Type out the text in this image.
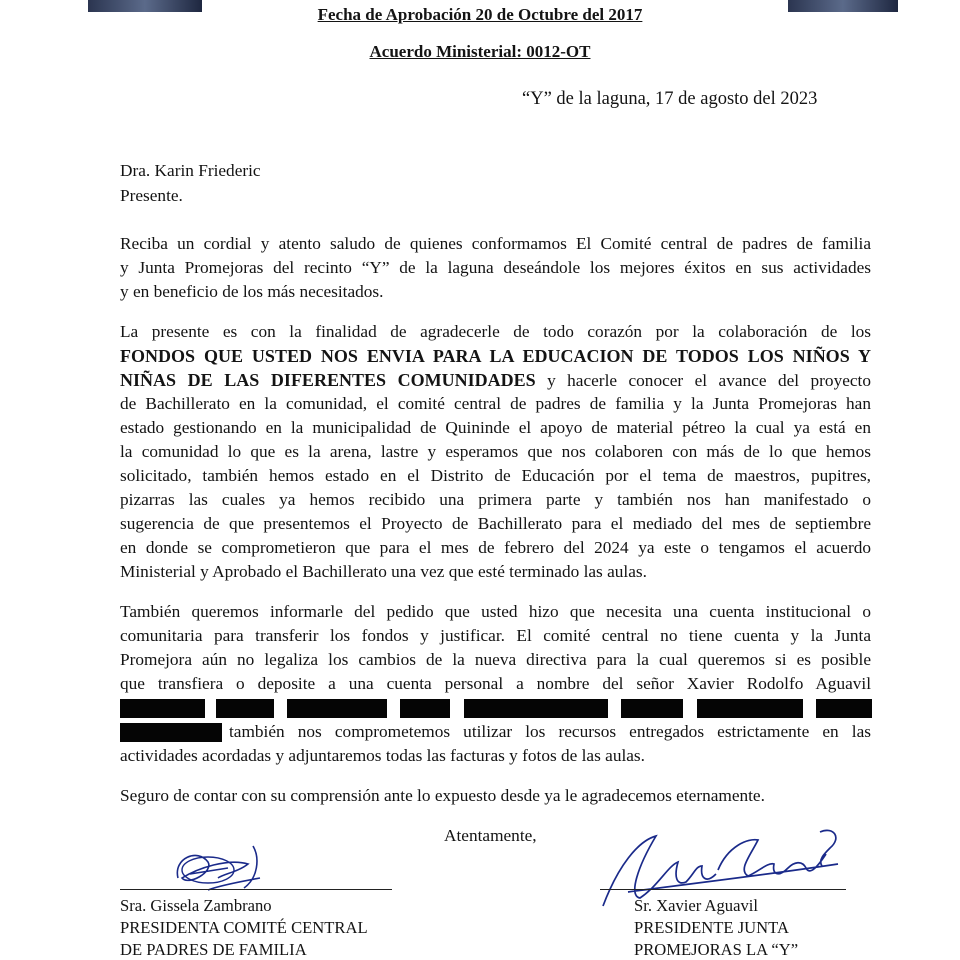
Fecha de Aprobación 20 de Octubre del 2017
Acuerdo Ministerial: 0012-OT
“Y” de la laguna, 17 de agosto del 2023
Dra. Karin Friederic
Presente.
Reciba un cordial y atento saludo de quienes conformamos El Comité central de padres de familia
y Junta Promejoras del recinto “Y” de la laguna deseándole los mejores éxitos en sus actividades
y en beneficio de los más necesitados.
La presente es con la finalidad de agradecerle de todo corazón por la colaboración de los
FONDOS QUE USTED NOS ENVIA PARA LA EDUCACION DE TODOS LOS NIÑOS Y
NIÑAS DE LAS DIFERENTES COMUNIDADES y hacerle conocer el avance del proyecto
de Bachillerato en la comunidad, el comité central de padres de familia y la Junta Promejoras han
estado gestionando en la municipalidad de Quininde el apoyo de material pétreo la cual ya está en
la comunidad lo que es la arena, lastre y esperamos que nos colaboren con más de lo que hemos
solicitado, también hemos estado en el Distrito de Educación por el tema de maestros, pupitres,
pizarras las cuales ya hemos recibido una primera parte y también nos han manifestado o
sugerencia de que presentemos el Proyecto de Bachillerato para el mediado del mes de septiembre
en donde se comprometieron que para el mes de febrero del 2024 ya este o tengamos el acuerdo
Ministerial y Aprobado el Bachillerato una vez que esté terminado las aulas.
También queremos informarle del pedido que usted hizo que necesita una cuenta institucional o
comunitaria para transferir los fondos y justificar. El comité central no tiene cuenta y la Junta
Promejora aún no legaliza los cambios de la nueva directiva para la cual queremos si es posible
que transfiera o deposite a una cuenta personal a nombre del señor Xavier Rodolfo Aguavil
también nos comprometemos utilizar los recursos entregados estrictamente en las
actividades acordadas y adjuntaremos todas las facturas y fotos de las aulas.
Seguro de contar con su comprensión ante lo expuesto desde ya le agradecemos eternamente.
Atentamente,
Sra. Gissela Zambrano
PRESIDENTA COMITÉ CENTRAL
DE PADRES DE FAMILIA
Sr. Xavier Aguavil
PRESIDENTE JUNTA
PROMEJORAS LA “Y”
